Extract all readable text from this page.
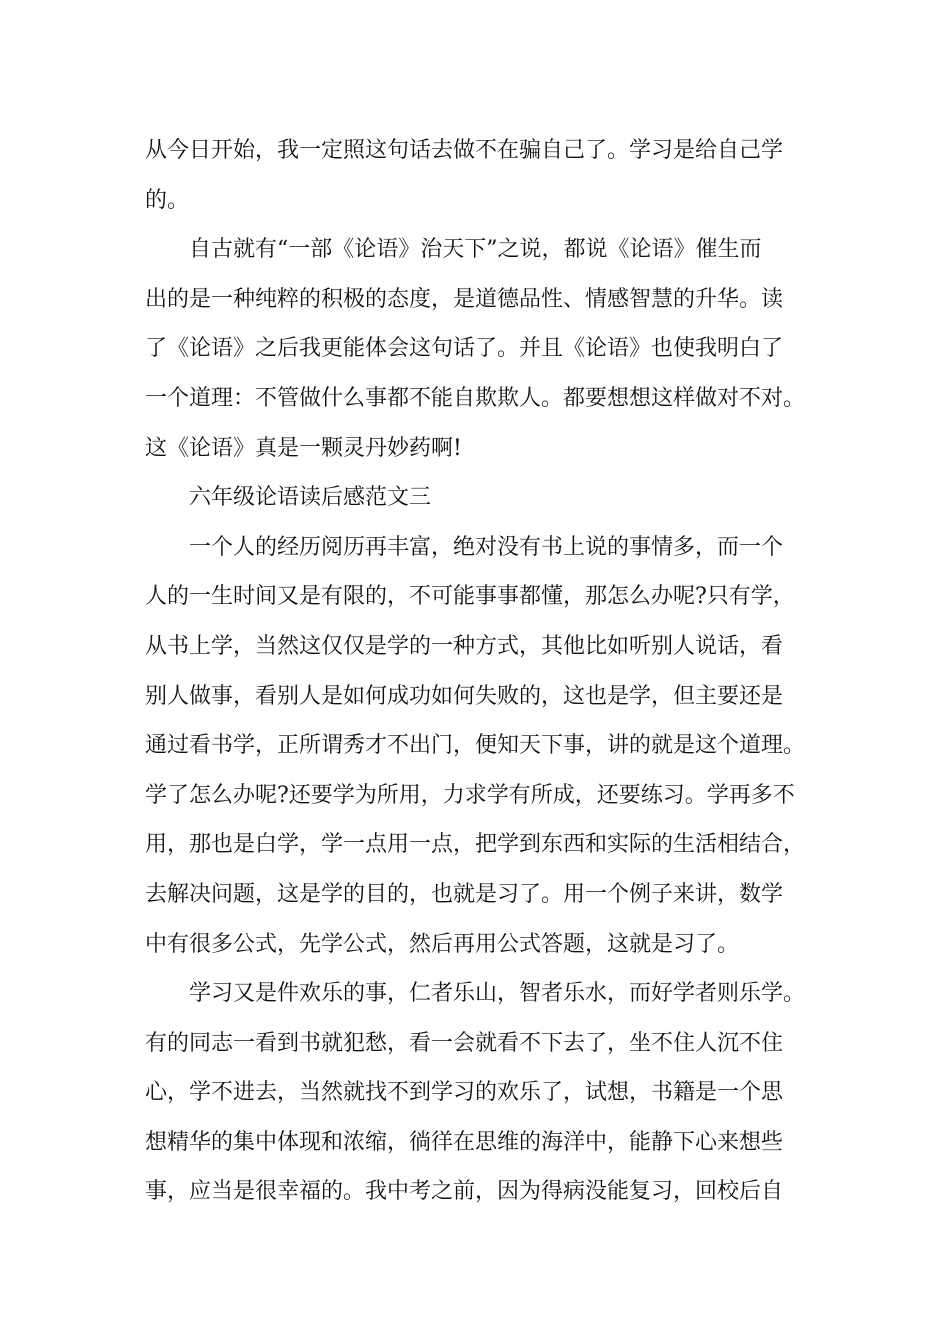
从今日开始，我一定照这句话去做不在骗自己了。学习是给自己学
的。
自古就有“一部《论语》治天下”之说，都说《论语》催生而
出的是一种纯粹的积极的态度，是道德品性、情感智慧的升华。读
了《论语》之后我更能体会这句话了。并且《论语》也使我明白了
一个道理：不管做什么事都不能自欺欺人。都要想想这样做对不对。
这《论语》真是一颗灵丹妙药啊!
六年级论语读后感范文三
一个人的经历阅历再丰富，绝对没有书上说的事情多，而一个
人的一生时间又是有限的，不可能事事都懂，那怎么办呢?只有学，
从书上学，当然这仅仅是学的一种方式，其他比如听别人说话，看
别人做事，看别人是如何成功如何失败的，这也是学，但主要还是
通过看书学，正所谓秀才不出门，便知天下事，讲的就是这个道理。
学了怎么办呢?还要学为所用，力求学有所成，还要练习。学再多不
用，那也是白学，学一点用一点，把学到东西和实际的生活相结合，
去解决问题，这是学的目的，也就是习了。用一个例子来讲，数学
中有很多公式，先学公式，然后再用公式答题，这就是习了。
学习又是件欢乐的事，仁者乐山，智者乐水，而好学者则乐学。
有的同志一看到书就犯愁，看一会就看不下去了，坐不住人沉不住
心，学不进去，当然就找不到学习的欢乐了，试想，书籍是一个思
想精华的集中体现和浓缩，徜徉在思维的海洋中，能静下心来想些
事，应当是很幸福的。我中考之前，因为得病没能复习，回校后自
